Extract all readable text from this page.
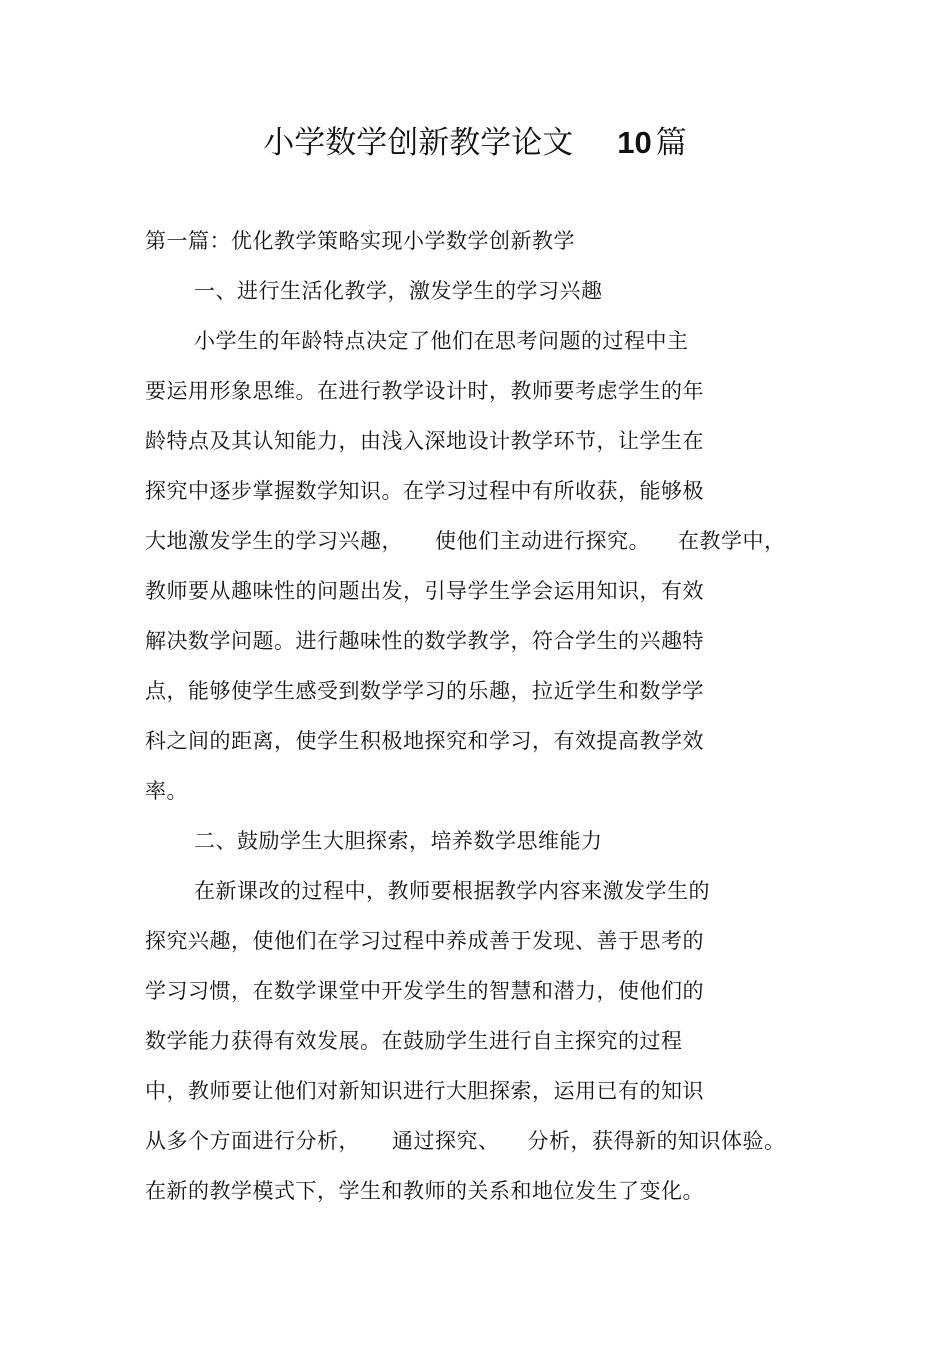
小学数学创新教学论文 10 篇
第一篇：优化教学策略实现小学数学创新教学
一、进行生活化教学，激发学生的学习兴趣
小学生的年龄特点决定了他们在思考问题的过程中主
要运用形象思维。在进行教学设计时，教师要考虑学生的年
龄特点及其认知能力，由浅入深地设计教学环节，让学生在
探究中逐步掌握数学知识。在学习过程中有所收获，能够极
大地激发学生的学习兴趣， 使他们主动进行探究。 在教学中，
教师要从趣味性的问题出发，引导学生学会运用知识，有效
解决数学问题。进行趣味性的数学教学，符合学生的兴趣特
点，能够使学生感受到数学学习的乐趣，拉近学生和数学学
科之间的距离，使学生积极地探究和学习，有效提高教学效
率。
二、鼓励学生大胆探索，培养数学思维能力
在新课改的过程中，教师要根据教学内容来激发学生的
探究兴趣，使他们在学习过程中养成善于发现、善于思考的
学习习惯，在数学课堂中开发学生的智慧和潜力，使他们的
数学能力获得有效发展。在鼓励学生进行自主探究的过程
中，教师要让他们对新知识进行大胆探索，运用已有的知识
从多个方面进行分析， 通过探究、 分析，获得新的知识体验。
在新的教学模式下，学生和教师的关系和地位发生了变化。
